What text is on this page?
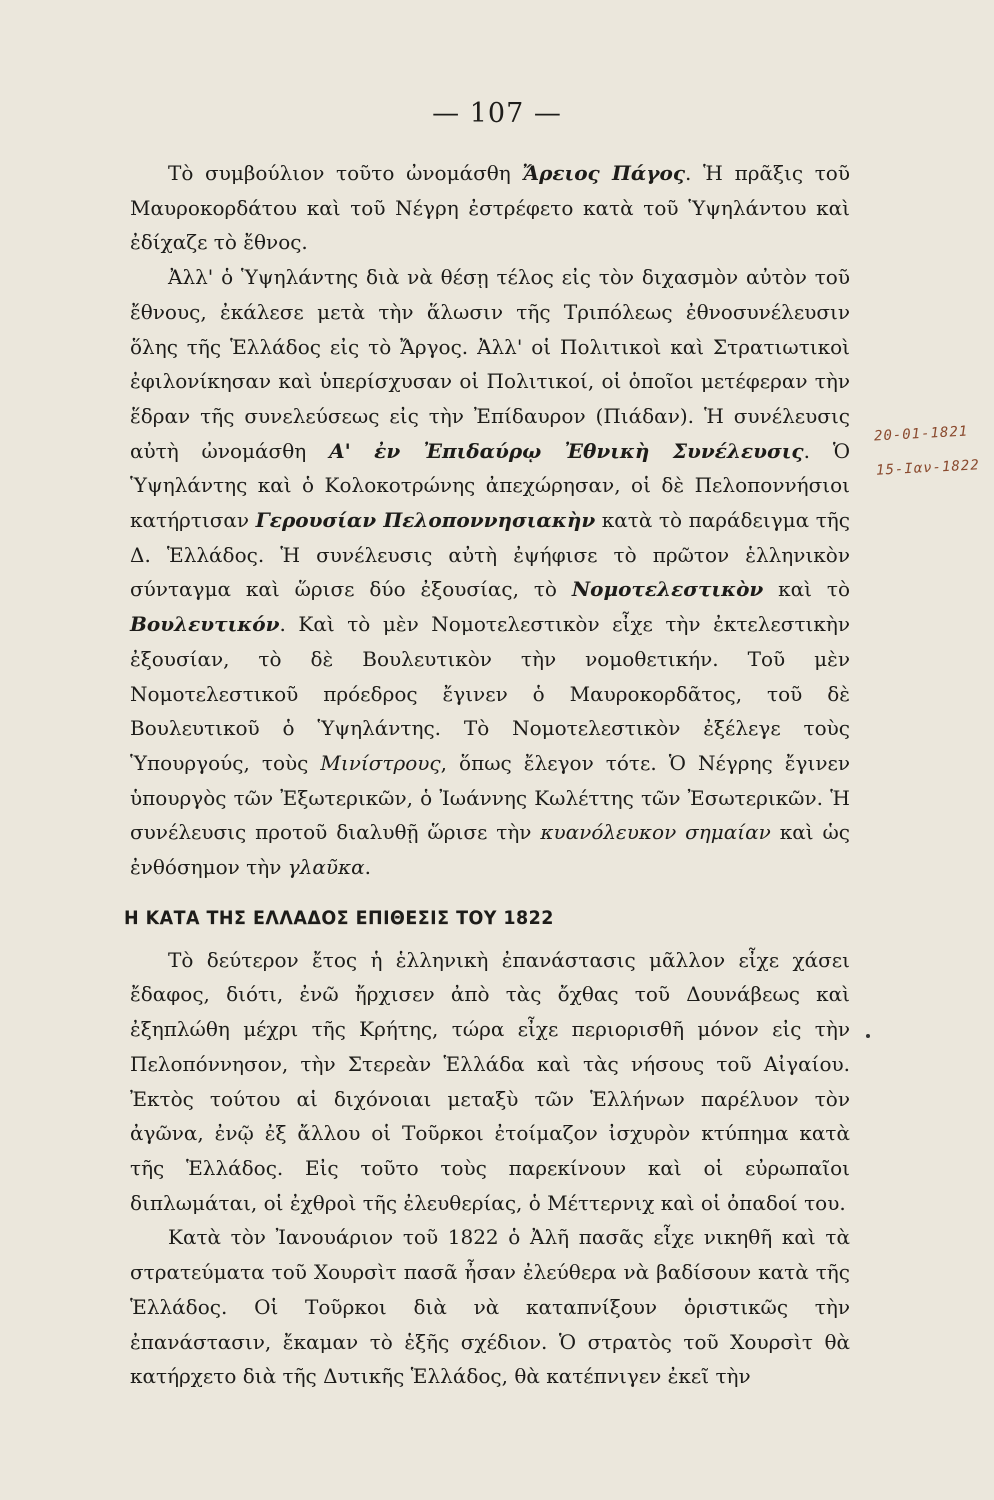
— 107 —

Τὸ συμβούλιον τοῦτο ὠνομάσθη Ἄρειος Πάγος. Ἡ πρᾶξις τοῦ Μαυροκορδάτου καὶ τοῦ Νέγρη ἐστρέφετο κατὰ τοῦ Ὑψηλάντου καὶ ἐδίχαζε τὸ ἔθνος.

Ἀλλ' ὁ Ὑψηλάντης διὰ νὰ θέσῃ τέλος εἰς τὸν διχασμὸν αὐτὸν τοῦ ἔθνους, ἐκάλεσε μετὰ τὴν ἅλωσιν τῆς Τριπόλεως ἐθνοσυνέλευσιν ὅλης τῆς Ἑλλάδος εἰς τὸ Ἄργος. Ἀλλ' οἱ Πολιτικοὶ καὶ Στρατιωτικοὶ ἐφιλονίκησαν καὶ ὑπερίσχυσαν οἱ Πολιτικοί, οἱ ὁποῖοι μετέφεραν τὴν ἕδραν τῆς συνελεύσεως εἰς τὴν Ἐπίδαυρον (Πιάδαν). Ἡ συνέλευσις αὐτὴ ὠνομάσθη Α' ἐν Ἐπιδαύρῳ Ἐθνικὴ Συνέλευσις. Ὁ Ὑψηλάντης καὶ ὁ Κολοκοτρώνης ἀπεχώρησαν, οἱ δὲ Πελοποννήσιοι κατήρτισαν Γερουσίαν Πελοποννησιακὴν κατὰ τὸ παράδειγμα τῆς Δ. Ἑλλάδος. Ἡ συνέλευσις αὐτὴ ἐψήφισε τὸ πρῶτον ἑλληνικὸν σύνταγμα καὶ ὥρισε δύο ἐξουσίας, τὸ Νομοτελεστικὸν καὶ τὸ Βουλευτικόν. Καὶ τὸ μὲν Νομοτελεστικὸν εἶχε τὴν ἐκτελεστικὴν ἐξουσίαν, τὸ δὲ Βουλευτικὸν τὴν νομοθετικήν. Τοῦ μὲν Νομοτελεστικοῦ πρόεδρος ἔγινεν ὁ Μαυροκορδᾶτος, τοῦ δὲ Βουλευτικοῦ ὁ Ὑψηλάντης. Τὸ Νομοτελεστικὸν ἐξέλεγε τοὺς Ὑπουργούς, τοὺς Μινίστρους, ὅπως ἔλεγον τότε. Ὁ Νέγρης ἔγινεν ὑπουργὸς τῶν Ἐξωτερικῶν, ὁ Ἰωάννης Κωλέττης τῶν Ἐσωτερικῶν. Ἡ συνέλευσις προτοῦ διαλυθῇ ὥρισε τὴν κυανόλευκον σημαίαν καὶ ὡς ἐνθόσημον τὴν γλαῦκα.

Η ΚΑΤΑ ΤΗΣ ΕΛΛΑΔΟΣ ΕΠΙΘΕΣΙΣ ΤΟΥ 1822

Τὸ δεύτερον ἔτος ἡ ἑλληνικὴ ἐπανάστασις μᾶλλον εἶχε χάσει ἔδαφος, διότι, ἐνῶ ἤρχισεν ἀπὸ τὰς ὄχθας τοῦ Δουνάβεως καὶ ἐξηπλώθη μέχρι τῆς Κρήτης, τώρα εἶχε περιορισθῆ μόνον εἰς τὴν Πελοπόννησον, τὴν Στερεὰν Ἑλλάδα καὶ τὰς νήσους τοῦ Αἰγαίου. Ἐκτὸς τούτου αἱ διχόνοιαι μεταξὺ τῶν Ἑλλήνων παρέλυον τὸν ἀγῶνα, ἐνῷ ἐξ ἄλλου οἱ Τοῦρκοι ἐτοίμαζον ἰσχυρὸν κτύπημα κατὰ τῆς Ἑλλάδος. Εἰς τοῦτο τοὺς παρεκίνουν καὶ οἱ εὐρωπαῖοι διπλωμάται, οἱ ἐχθροὶ τῆς ἐλευθερίας, ὁ Μέττερνιχ καὶ οἱ ὀπαδοί του.

Κατὰ τὸν Ἰανουάριον τοῦ 1822 ὁ Ἀλῆ πασᾶς εἶχε νικηθῆ καὶ τὰ στρατεύματα τοῦ Χουρσὶτ πασᾶ ἦσαν ἐλεύθερα νὰ βαδίσουν κατὰ τῆς Ἑλλάδος. Οἱ Τοῦρκοι διὰ νὰ καταπνίξουν ὁριστικῶς τὴν ἐπανάστασιν, ἔκαμαν τὸ ἑξῆς σχέδιον. Ὁ στρατὸς τοῦ Χουρσὶτ θὰ κατήρχετο διὰ τῆς Δυτικῆς Ἑλλάδος, θὰ κατέπνιγεν ἐκεῖ τὴν

20-01-1821
15-Ιαν-1822
